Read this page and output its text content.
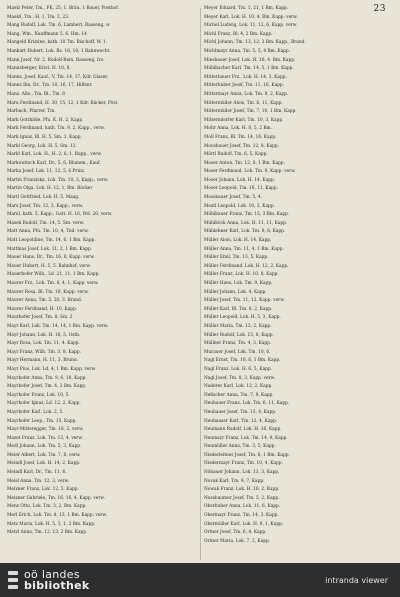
23
Maelz Peter, Tm., FK, 25, 1. Bräu, 1 Bauer, Posthof.
Maelzl, Tm., H. 1, Tm. 3, 23.
Mang Rudolf, Lok. Tm. 6, Lambert, Rasseng, w
Mang, Wm., Kauffmann 5, 6. Hm. 14
Mangold Kristine, kath. 10 Tm. Bischoff, W. 1.
Manhart Hubert, Lok. Bz. 16, 10, 1 Bahnwecht.
Mann Josef, Nr. 2, Rudolf-Rein, Rasseng, Iro.
Mannsberger, Krist. H. 10, 8.
Manns, Josef, Kauf., V, Tm. 14, 17, Kdr. Glaser.
Manns Ibn, Dr., Tm. 10, 16, 17, Hilfsnr.
Manz. Alle., Tm. Bl., Tm. 8
Mara Ferdinand, H. 30, 15, 12, 1 Kdr. Bäcker, Pöst.
Marbach, Pfarrer, Tm.
Mark Gotthilde, Pfu. K. H. 2, Kapp.
Mark Ferdinand, kath. Tm. 9, 2, Kapp., verw.
Mark Ignaz, Bl. H. 5, Sm. 1, Kapp.
Markl Georg, Lok. H. 5, Sm. 12.
Markl Karl, Lok. H., H. 2, 6, 1, Rapp., verw.
Markowitsch Karl, Dr., 5, 6, Blumen., Kauf.
Marka Josef, Lok. 11, 12, 5, 6 Prinz.
Martin Franziska, Lok. Tm. 10, 3, Kapp., verw.
Martin Olga, Lok. H. 12, 1, Bm. Bäcker
Martl Gottfried, Lok. H. 5, Maag.
Marx Josef, Tm. 12, 3, Kapp., verw.
Marxl, kath. 5, Kapp., Gatt. H. 16, Wd. 20, verw.
Masek Rudolf, Tm. 14, 5. Sm. verw.
Matt Anna, Pfu. Tm. 10, 4, Tnd. verw.
Matt Leopoldine, Tm. 14, 6, 1 Bm. Kapp.
Matthias Josef, Lok. 11, 2, 1 Bm. Kapp.
Mauer Hans, Dr., Tm. 16, 8, Kapp. verw.
Mauer Hubert, H. 5, 5. Bahnhof, verw.
Mauerhofer Wilh., Ld. 21, 11, 1 Bm. Kapp.
Maurer Frz., Lok. Tm. 8, 4, 1, Kapp. verw.
Maurer Rosa, Bl. Tm. 19, Kapp. verw.
Maurer Anna, Tm. 5. 20, 3. Brand.
Maurer Ferdinand, H. 10, Kapp.
Maurhofer Josef, Tm. 8, Sm. 2
Mayr Karl, Lok. Tm. 14, 14, 1 Bm. Kapp. verw.
Mayr Johann, Lok. H. 16, 5, Ostb.
Mayr Rosa, Lok. Tm. 11, 4. Kapp.
Mayr Franz, Wilh. Tm. 3. 8, Kapp.
Mayr Hermann, H. 11, 3. Brunn.
Mayr Pius, Lok. Ld. 4, 1 Bm. Kapp. verw.
Mayrhofer Anna, Tm. 9, 6, 10, Kapp.
Mayrhofer Josef, Tm. 4, 2 Bm. Kapp.
Mayrhofer Franz, Lok. 10, 5.
Mayrhofer Ignaz, Ld. 12, 2, Kapp.
Mayrhofer Karl, Lok. 2, 5.
Mayrhofer Leop., Tm. 15, Kapp.
Mayr-Mitteregger, Tm. 16, 2, verw.
Mazet Franz, Lok. Tm. 12, 4, verw.
Medl Johann, Lok. Tm. 5, 3, Kapp.
Meier Albert, Lok. Tm. 7, 8, verw.
Meindl Josef, Lok. H. 14, 2, Kapp.
Meindl Karl, Dr., Tm. 11, 6.
Meisl Anna, Tm. 12, 3, verw.
Meixner Franz, Lok. 12, 5, Kapp.
Meixner Gabriele, Tm. 16, 16, 4, Kapp. verw.
Menz Otto, Lok. Tm. 3, 2, Bm. Kapp.
Merl Erich, Lok. Tm. 8, 13, 1 Bm. Kapp. verw.
Metz Maria, Lok. H. 5, 3, 1, 2 Bm. Kapp.
Metzl Anna, Tm. 12, 13, 2 Bm. Kapp.
Meyer Eduard, Tm. 1, 21, 1 Bm. Kapp.
Meyer Karl, Lok. H. 10, 4. Bm. Kapp. verw.
Michel Ludwig, Lok. 11, 12, 6, Kapp. verw.
Michl Franz, Bl. 4, 2 Bm. Kapp.
Michl Johann, Tm. 13, 12, 3 Bm. Kapp., Brand.
Michlmayr Anna, Tm. 5, 5, 4 Bm. Kapp.
Miesbauer Josef, Lok. H. 16, 4. Bm. Kapp.
Mühlbacher Karl, Tm. 14, 5, 1 Bm. Kapp.
Mitterbauer Frz., Lok. H. 14, 3, Kapp.
Mitterhuber Josef, Tm. 11, 16, Kapp.
Mittermayr Anna, Lok. Tm. 9, 2, Kapp.
Mittermüller Alois, Tm. 8, 11, Kapp.
Mittermüller Josef, Tm. 7, 10, 1 Bm. Kapp.
Mitterndorfer Karl, Tm. 10, 3, Kapp.
Mohr Anna, Lok. H. 8, 5, 2 Bm.
Moll Franz, Bl. Tm. 14, 16, Kapp.
Moosbauer Josef, Tm. 12, 8, Kapp.
Mörtl Rudolf, Tm. 6, 5, Kapp.
Moser Anton, Tm. 12, 8, 1 Bm. Kapp.
Moser Ferdinand, Lok. Tm. 9, Kapp. verw.
Moser Johann, Lok. H. 14, Kapp.
Moser Leopold, Tm. 16, 11, Kapp.
Mossbauer Josef, Tm. 5, 4.
Mostl Leopold, Lok. 10, 3, Kapp.
Mühlbauer Franz, Tm. 15, 3 Bm. Kapp.
Mühlböck Anna, Lok. H. 11, 11, Kapp.
Mühlehner Karl, Lok. Tm. 8, 6, Kapp.
Müller Alois, Lok. H. 14, Kapp.
Müller Anna, Tm. 11, 4, 1 Bm. Kapp.
Müller Emil, Tm. 13, 5, Kapp.
Müller Ferdinand, Lok. H. 12, 2, Kapp.
Müller Franz, Lok. H. 10, 8, Kapp.
Müller Hans, Lok. Tm. 9, Kapp.
Müller Johann, Lok. 4, Kapp.
Müller Josef, Tm. 11, 12, Kapp. verw.
Müller Karl, Bl. Tm. 8, 2, Kapp.
Müller Leopold, Lok. H. 5, 3, Kapp.
Müller Maria, Tm. 12, 2, Kapp.
Müller Rudolf, Lok. 15, 8, Kapp.
Müllner Franz, Tm. 4, 3, Kapp.
Murauer Josef, Lok. Tm. 10, 6.
Nagl Ernst, Tm. 10, 8, 1 Bm. Kapp.
Nagl Franz, Lok. H. 6, 5, Kapp.
Nagl Josef, Tm. 8, 3, Kapp. verw.
Naderer Karl, Lok. 12, 2, Kapp.
Nefischer Anna, Tm. 7, 9, Kapp.
Neubauer Franz, Lok. Tm. 6, 11, Kapp.
Neubauer Josef, Tm. 13, 4, Kapp.
Neuhauser Karl, Tm. 12, 4, Kapp.
Neumann Rudolf, Lok. H. 16, Kapp.
Neumayr Franz, Lok. Tm. 14, 9, Kapp.
Neumüller Anna, Tm. 3, 5, Kapp.
Niederleitner Josef, Tm. 8, 1 Bm. Kapp.
Niedermayr Franz, Tm. 10, 4, Kapp.
Nöbauer Johann, Lok. 13, 3, Kapp.
Novak Karl, Tm. 9, 7, Kapp.
Nowak Franz, Lok. H. 10, 2, Kapp.
Nussbaumer Josef, Tm. 5, 2, Kapp.
Oberhuber Anna, Lok. 11, 6, Kapp.
Obermayr Franz, Tm. 14, 3, Kapp.
Obermüller Karl, Lok. H. 9, 1, Kapp.
Ortner Josef, Tm. 6, 4, Kapp.
Ortner Maria, Lok. 7, 2, Kapp.
oö landes
bibliothek	intranda viewer
